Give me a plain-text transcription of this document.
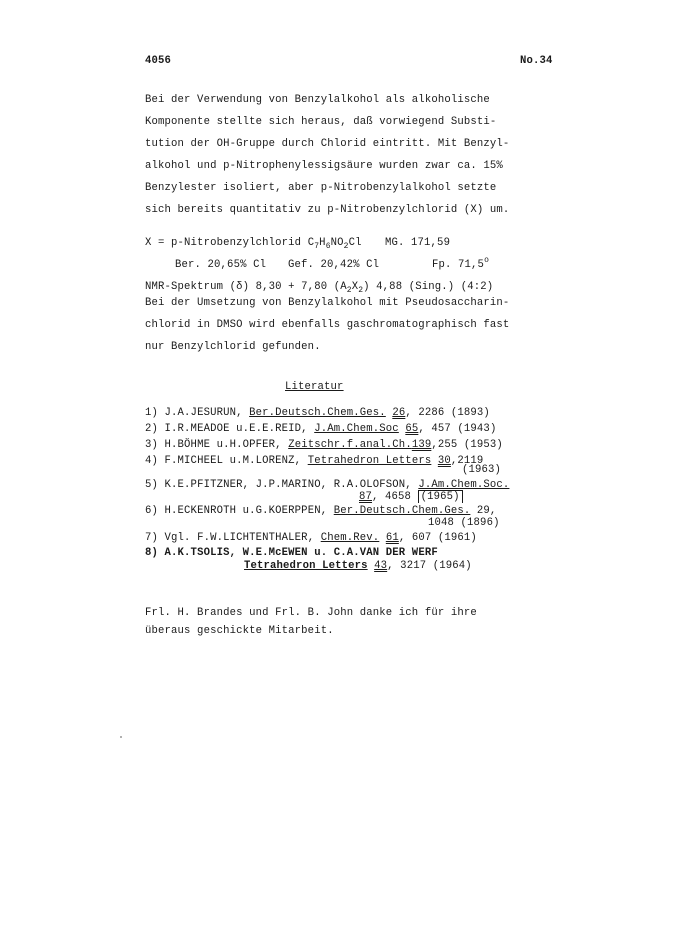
4056	No.34
Bei der Verwendung von Benzylalkohol als alkoholische
Komponente stellte sich heraus, daß vorwiegend Substi-
tution der OH-Gruppe durch Chlorid eintritt. Mit Benzyl-
alkohol und p-Nitrophenylessigsäure wurden zwar ca. 15%
Benzylester isoliert, aber p-Nitrobenzylalkohol setzte
sich bereits quantitativ zu p-Nitrobenzylchlorid (X) um.
X = p-Nitrobenzylchlorid $C_7H_6NO_2Cl$ MG. 171,59
Ber. 20,65% Cl Gef. 20,42% Cl	Fp. 71,5$^o$
NMR-Spektrum (δ) 8,30 + 7,80 $(A_2X_2)$ 4,88 (Sing.) (4:2)
Bei der Umsetzung von Benzylalkohol mit Pseudosaccharin-
chlorid in DMSO wird ebenfalls gaschromatographisch fast
nur Benzylchlorid gefunden.
Literatur
1) J.A.JESURUN, Ber.Deutsch.Chem.Ges. 26, 2286 (1893)
2) I.R.MEADOE u.E.E.REID, J.Am.Chem.Soc 65, 457 (1943)
3) H.BÖHME u.H.OPFER, Zeitschr.f.anal.Ch.139,255 (1953)
4) F.MICHEEL u.M.LORENZ, Tetrahedron Letters 30,2119
(1963)
5) K.E.PFITZNER, J.P.MARINO, R.A.OLOFSON, J.Am.Chem.Soc.
87, 4658 (1965)
6) H.ECKENROTH u.G.KOERPPEN, Ber.Deutsch.Chem.Ges. 29,
1048 (1896)
7) Vgl. F.W.LICHTENTHALER, Chem.Rev. 61, 607 (1961)
8) A.K.TSOLIS, W.E.McEWEN u. C.A.VAN DER WERF
Tetrahedron Letters 43, 3217 (1964)
Frl. H. Brandes und Frl. B. John danke ich für ihre
überaus geschickte Mitarbeit.
